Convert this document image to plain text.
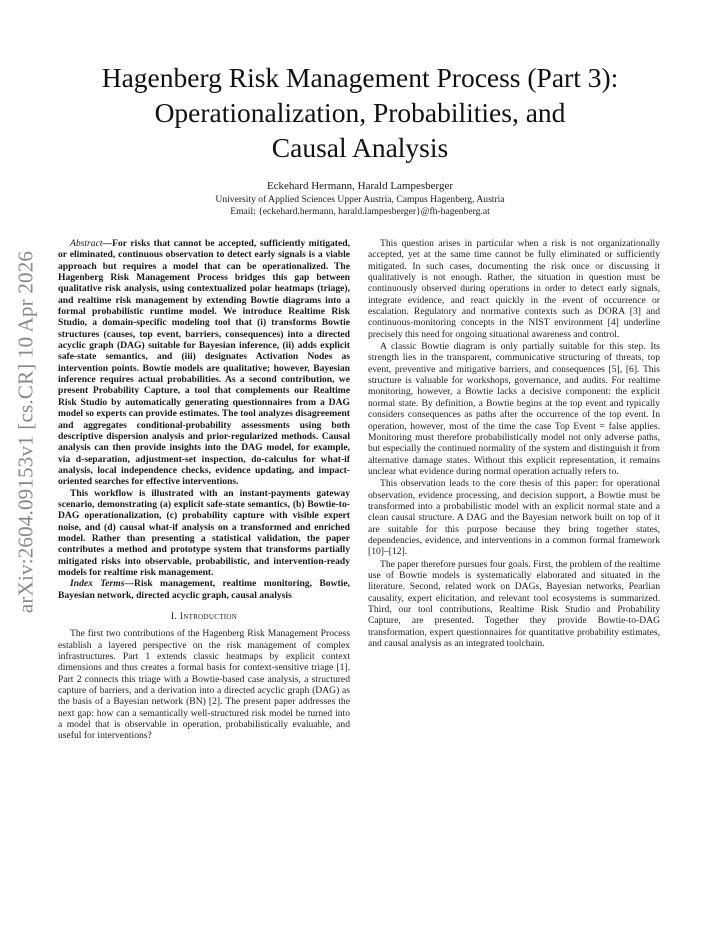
arXiv:2604.09153v1 [cs.CR] 10 Apr 2026
Hagenberg Risk Management Process (Part 3):
Operationalization, Probabilities, and
Causal Analysis
Eckehard Hermann, Harald Lampesberger
University of Applied Sciences Upper Austria, Campus Hagenberg, Austria
Email: {eckehard.hermann, harald.lampesberger}@fh-hagenberg.at

Abstract—For risks that cannot be accepted, sufficiently mitigated, or eliminated, continuous observation to detect early signals is a viable approach but requires a model that can be operationalized. The Hagenberg Risk Management Process bridges this gap between qualitative risk analysis, using contextualized polar heatmaps (triage), and realtime risk management by extending Bowtie diagrams into a formal probabilistic runtime model. We introduce Realtime Risk Studio, a domain-specific modeling tool that (i) transforms Bowtie structures (causes, top event, barriers, consequences) into a directed acyclic graph (DAG) suitable for Bayesian inference, (ii) adds explicit safe-state semantics, and (iii) designates Activation Nodes as intervention points. Bowtie models are qualitative; however, Bayesian inference requires actual probabilities. As a second contribution, we present Probability Capture, a tool that complements our Realtime Risk Studio by automatically generating questionnaires from a DAG model so experts can provide estimates. The tool analyzes disagreement and aggregates conditional-probability assessments using both descriptive dispersion analysis and prior-regularized methods. Causal analysis can then provide insights into the DAG model, for example, via d-separation, adjustment-set inspection, do-calculus for what-if analysis, local independence checks, evidence updating, and impact-oriented searches for effective interventions.

This workflow is illustrated with an instant-payments gateway scenario, demonstrating (a) explicit safe-state semantics, (b) Bowtie-to-DAG operationalization, (c) probability capture with visible expert noise, and (d) causal what-if analysis on a transformed and enriched model. Rather than presenting a statistical validation, the paper contributes a method and prototype system that transforms partially mitigated risks into observable, probabilistic, and intervention-ready models for realtime risk management.

Index Terms—Risk management, realtime monitoring, Bowtie, Bayesian network, directed acyclic graph, causal analysis

I. Introduction

The first two contributions of the Hagenberg Risk Management Process establish a layered perspective on the risk management of complex infrastructures. Part 1 extends classic heatmaps by explicit context dimensions and thus creates a formal basis for context-sensitive triage [1]. Part 2 connects this triage with a Bowtie-based case analysis, a structured capture of barriers, and a derivation into a directed acyclic graph (DAG) as the basis of a Bayesian network (BN) [2]. The present paper addresses the next gap: how can a semantically well-structured risk model be turned into a model that is observable in operation, probabilistically evaluable, and useful for interventions?

This question arises in particular when a risk is not organizationally accepted, yet at the same time cannot be fully eliminated or sufficiently mitigated. In such cases, documenting the risk once or discussing it qualitatively is not enough. Rather, the situation in question must be continuously observed during operations in order to detect early signals, integrate evidence, and react quickly in the event of occurrence or escalation. Regulatory and normative contexts such as DORA [3] and continuous-monitoring concepts in the NIST environment [4] underline precisely this need for ongoing situational awareness and control.

A classic Bowtie diagram is only partially suitable for this step. Its strength lies in the transparent, communicative structuring of threats, top event, preventive and mitigative barriers, and consequences [5], [6]. This structure is valuable for workshops, governance, and audits. For realtime monitoring, however, a Bowtie lacks a decisive component: the explicit normal state. By definition, a Bowtie begins at the top event and typically considers consequences as paths after the occurrence of the top event. In operation, however, most of the time the case Top Event = false applies. Monitoring must therefore probabilistically model not only adverse paths, but especially the continued normality of the system and distinguish it from alternative damage states. Without this explicit representation, it remains unclear what evidence during normal operation actually refers to.

This observation leads to the core thesis of this paper: for operational observation, evidence processing, and decision support, a Bowtie must be transformed into a probabilistic model with an explicit normal state and a clean causal structure. A DAG and the Bayesian network built on top of it are suitable for this purpose because they bring together states, dependencies, evidence, and interventions in a common formal framework [10]–[12].

The paper therefore pursues four goals. First, the problem of the realtime use of Bowtie models is systematically elaborated and situated in the literature. Second, related work on DAGs, Bayesian networks, Pearlian causality, expert elicitation, and relevant tool ecosystems is summarized. Third, our tool contributions, Realtime Risk Studio and Probability Capture, are presented. Together they provide Bowtie-to-DAG transformation, expert questionnaires for quantitative probability estimates, and causal analysis as an integrated toolchain.
